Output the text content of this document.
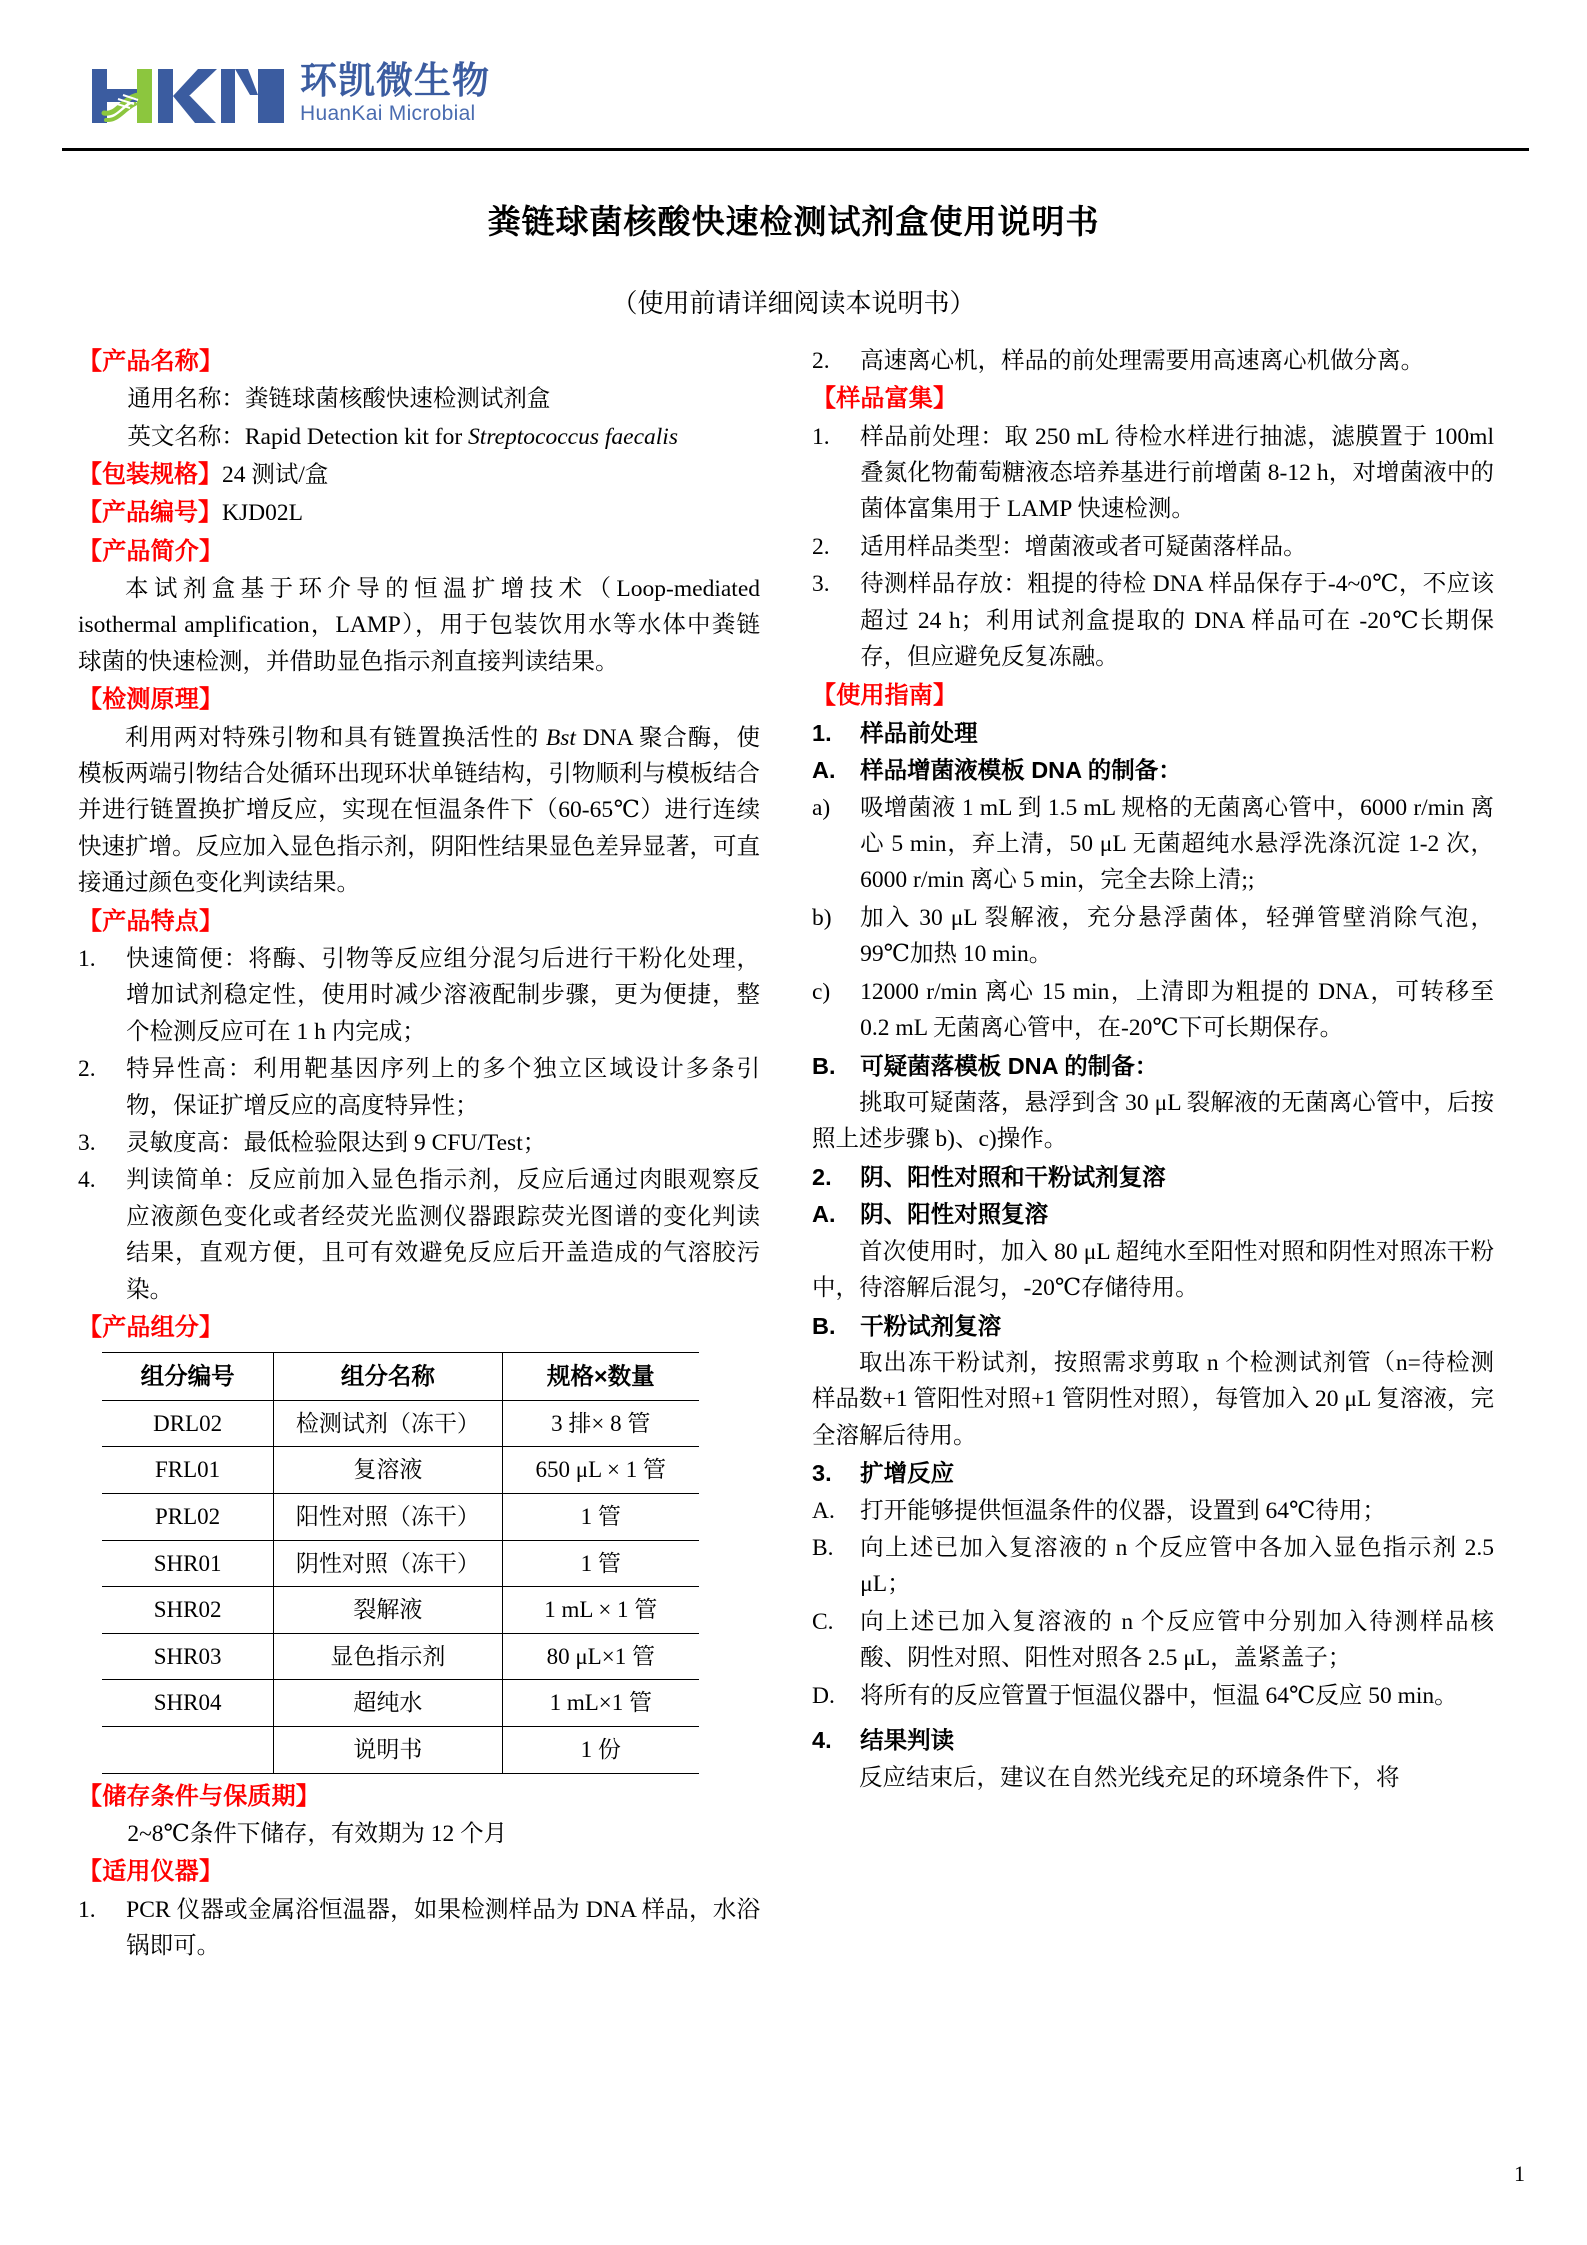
环凯微生物
HuanKai Microbial
粪链球菌核酸快速检测试剂盒使用说明书
（使用前请详细阅读本说明书）
【产品名称】
通用名称：粪链球菌核酸快速检测试剂盒
英文名称：Rapid Detection kit for Streptococcus faecalis
【包装规格】24 测试/盒
【产品编号】KJD02L
【产品简介】
本试剂盒基于环介导的恒温扩增技术（Loop-mediated isothermal amplification，LAMP），用于包装饮用水等水体中粪链球菌的快速检测，并借助显色指示剂直接判读结果。
【检测原理】
利用两对特殊引物和具有链置换活性的 Bst DNA 聚合酶，使模板两端引物结合处循环出现环状单链结构，引物顺利与模板结合并进行链置换扩增反应，实现在恒温条件下（60-65℃）进行连续快速扩增。反应加入显色指示剂，阴阳性结果显色差异显著，可直接通过颜色变化判读结果。
【产品特点】
1.	快速简便：将酶、引物等反应组分混匀后进行干粉化处理，增加试剂稳定性，使用时减少溶液配制步骤，更为便捷，整个检测反应可在 1 h 内完成；
2.	特异性高：利用靶基因序列上的多个独立区域设计多条引物，保证扩增反应的高度特异性；
3.	灵敏度高：最低检验限达到 9 CFU/Test；
4.	判读简单：反应前加入显色指示剂，反应后通过肉眼观察反应液颜色变化或者经荧光监测仪器跟踪荧光图谱的变化判读结果，直观方便，且可有效避免反应后开盖造成的气溶胶污染。
【产品组分】
组分编号	组分名称	规格×数量
DRL02	检测试剂（冻干）	3 排× 8 管
FRL01	复溶液	650 μL × 1 管
PRL02	阳性对照（冻干）	1 管
SHR01	阴性对照（冻干）	1 管
SHR02	裂解液	1 mL × 1 管
SHR03	显色指示剂	80 μL×1 管
SHR04	超纯水	1 mL×1 管
	说明书	1 份
【储存条件与保质期】
2~8℃条件下储存，有效期为 12 个月
【适用仪器】
1.	PCR 仪器或金属浴恒温器，如果检测样品为 DNA 样品，水浴锅即可。
2.	高速离心机，样品的前处理需要用高速离心机做分离。
【样品富集】
1.	样品前处理：取 250 mL 待检水样进行抽滤，滤膜置于 100ml 叠氮化物葡萄糖液态培养基进行前增菌 8-12 h，对增菌液中的菌体富集用于 LAMP 快速检测。
2.	适用样品类型：增菌液或者可疑菌落样品。
3.	待测样品存放：粗提的待检 DNA 样品保存于-4~0℃，不应该超过 24 h；利用试剂盒提取的 DNA 样品可在 -20℃长期保存，但应避免反复冻融。
【使用指南】
1.	样品前处理
A.	样品增菌液模板 DNA 的制备：
a)	吸增菌液 1 mL 到 1.5 mL 规格的无菌离心管中，6000 r/min 离心 5 min，弃上清，50 μL 无菌超纯水悬浮洗涤沉淀 1-2 次，6000 r/min 离心 5 min，完全去除上清;;
b)	加入 30 μL 裂解液，充分悬浮菌体，轻弹管壁消除气泡，99℃加热 10 min。
c)	12000 r/min 离心 15 min，上清即为粗提的 DNA，可转移至 0.2 mL 无菌离心管中，在-20℃下可长期保存。
B.	可疑菌落模板 DNA 的制备：
挑取可疑菌落，悬浮到含 30 μL 裂解液的无菌离心管中，后按照上述步骤 b)、c)操作。
2.	阴、阳性对照和干粉试剂复溶
A.	阴、阳性对照复溶
首次使用时，加入 80 μL 超纯水至阳性对照和阴性对照冻干粉中，待溶解后混匀，-20℃存储待用。
B.	干粉试剂复溶
取出冻干粉试剂，按照需求剪取 n 个检测试剂管（n=待检测样品数+1 管阳性对照+1 管阴性对照），每管加入 20 μL 复溶液，完全溶解后待用。
3.	扩增反应
A.	打开能够提供恒温条件的仪器，设置到 64℃待用；
B.	向上述已加入复溶液的 n 个反应管中各加入显色指示剂 2.5 μL；
C.	向上述已加入复溶液的 n 个反应管中分别加入待测样品核酸、阴性对照、阳性对照各 2.5 μL，盖紧盖子；
D.	将所有的反应管置于恒温仪器中，恒温 64℃反应 50 min。
4.	结果判读
反应结束后，建议在自然光线充足的环境条件下，将
1
